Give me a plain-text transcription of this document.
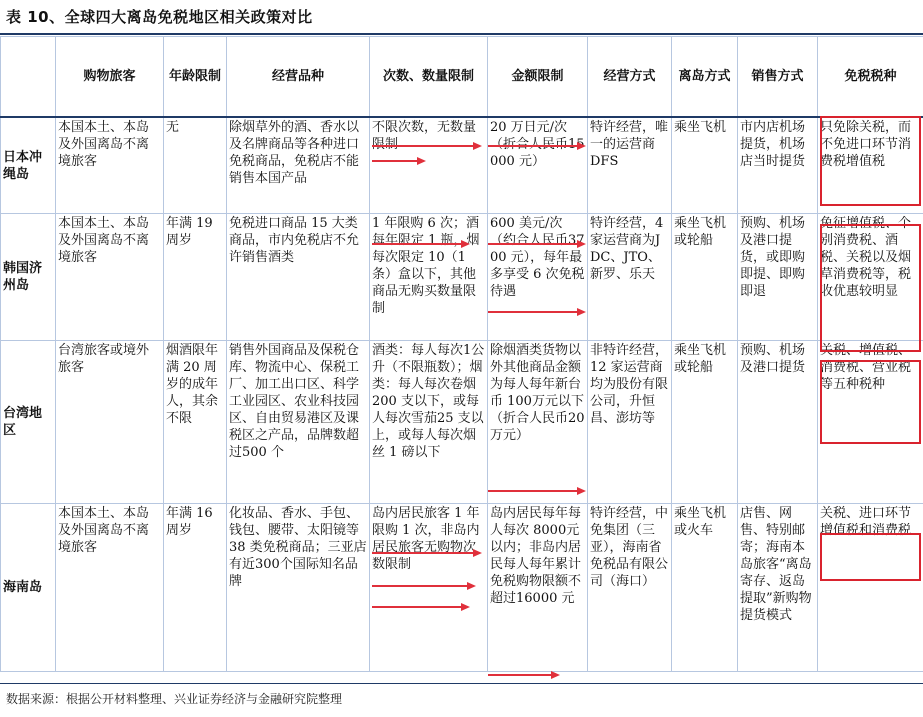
表 10、全球四大离岛免税地区相关政策对比
	购物旅客	年龄限制	经营品种	次数、数量限制	金额限制	经营方式	离岛方式	销售方式	免税税种
日本冲绳岛	本国本土、本岛及外国离岛不离境旅客	无	除烟草外的酒、香水以及名牌商品等各种进口免税商品，免税店不能销售本国产品	不限次数，无数量限制	20 万日元/次（折合人民币15000 元）	特许经营，唯一的运营商 DFS	乘坐飞机	市内店机场提货，机场店当时提货	只免除关税，而不免进口环节消费税增值税
韩国济州岛	本国本土、本岛及外国离岛不离境旅客	年满 19 周岁	免税进口商品 15 大类商品，市内免税店不允许销售酒类	1 年限购 6 次；酒每年限定 1 瓶，烟每次限定 10（1条）盒以下，其他商品无购买数量限制	600 美元/次（约合人民币3700 元），每年最多享受 6 次免税待遇	特许经营，4家运营商为JDC、JTO、新罗、乐天	乘坐飞机或轮船	预购、机场及港口提货，或即购即提、即购即退	免征增值税、个别消费税、酒税、关税以及烟草消费税等，税收优惠较明显
台湾地区	台湾旅客或境外旅客	烟酒限年满 20 周岁的成年人，其余不限	销售外国商品及保税仓库、物流中心、保税工厂、加工出口区、科学工业园区、农业科技园区、自由贸易港区及课税区之产品，品牌数超过500 个	酒类：每人每次1公升（不限瓶数）；烟类：每人每次卷烟 200 支以下，或每人每次雪茄25 支以上，或每人每次烟丝 1 磅以下	除烟酒类货物以外其他商品金额为每人每年新台币 100万元以下（折合人民币20万元）	非特许经营，12 家运营商均为股份有限公司，升恒昌、澎坊等	乘坐飞机或轮船	预购、机场及港口提货	关税、增值税、消费税、营业税等五种税种
海南岛	本国本土、本岛及外国离岛不离境旅客	年满 16 周岁	化妆品、香水、手包、钱包、腰带、太阳镜等 38 类免税商品；三亚店有近300个国际知名品牌	岛内居民旅客 1 年限购 1 次，非岛内居民旅客无购物次数限制	岛内居民每年每人每次 8000元以内；非岛内居民每人每年累计免税购物限额不超过16000 元	特许经营，中免集团（三亚），海南省免税品有限公司（海口）	乘坐飞机或火车	店售、网售、特别邮寄；海南本岛旅客“离岛寄存、返岛提取”新购物提货模式	关税、进口环节增值税和消费税
数据来源：根据公开材料整理、兴业证券经济与金融研究院整理
